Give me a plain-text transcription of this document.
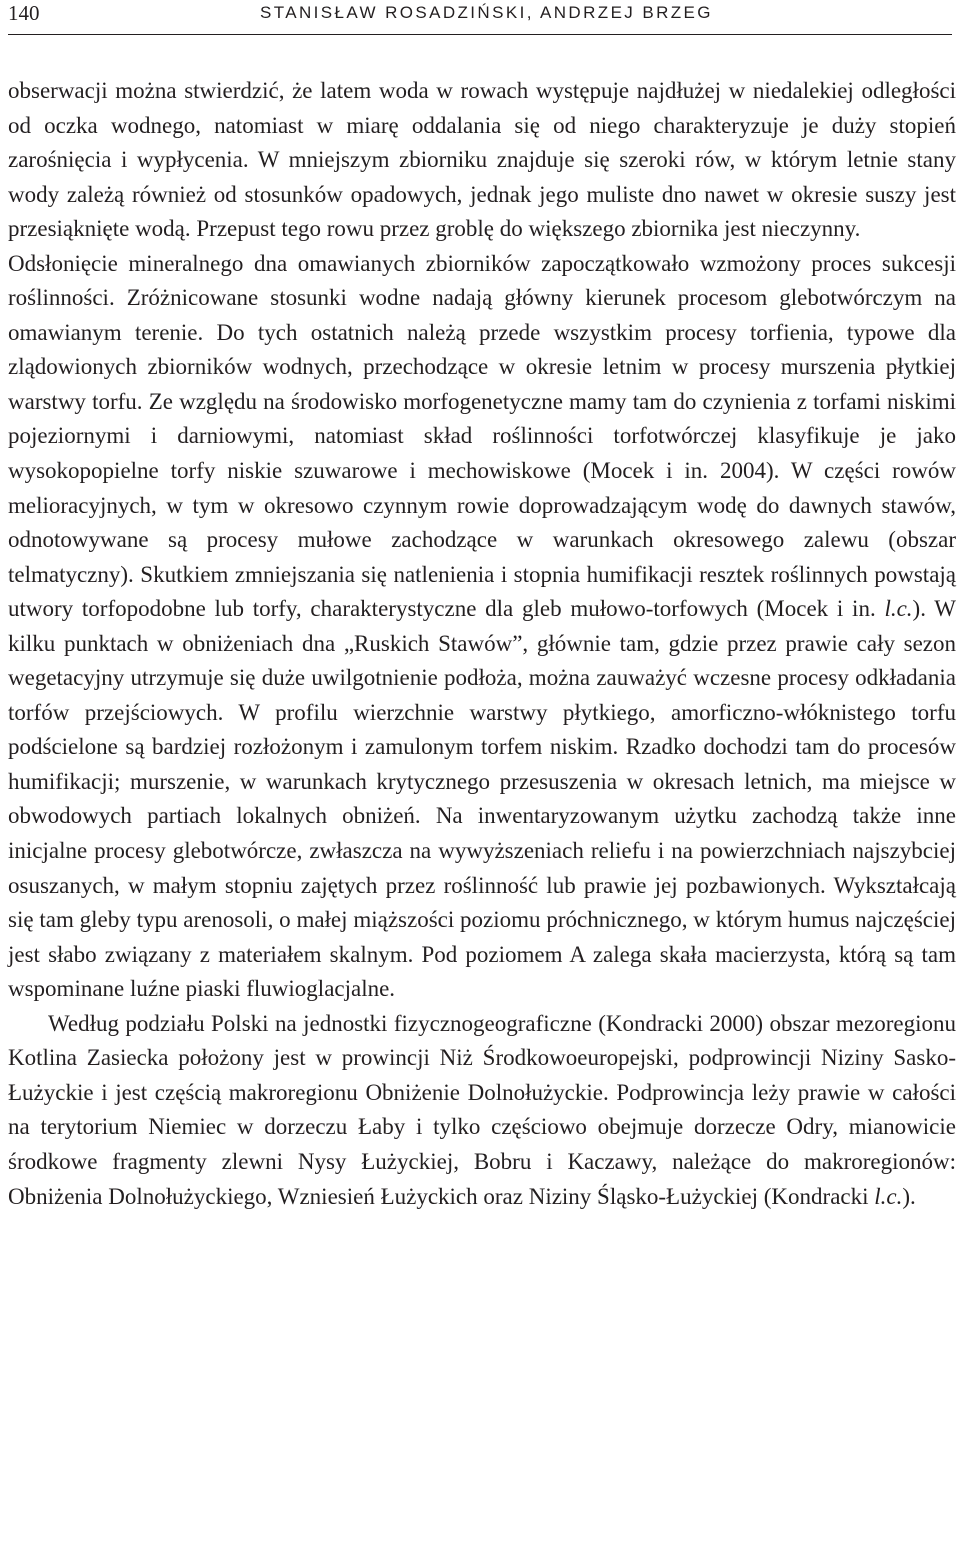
140	STANISŁAW ROSADZIŃSKI, ANDRZEJ BRZEG

obserwacji można stwierdzić, że latem woda w rowach występuje najdłużej w niedalekiej odległości od oczka wodnego, natomiast w miarę oddalania się od niego charakteryzuje je duży stopień zarośnięcia i wypłycenia. W mniejszym zbiorniku znajduje się szeroki rów, w którym letnie stany wody zależą również od stosunków opadowych, jednak jego muliste dno nawet w okresie suszy jest przesiąknięte wodą. Przepust tego rowu przez groblę do większego zbiornika jest nieczynny.

Odsłonięcie mineralnego dna omawianych zbiorników zapoczątkowało wzmożony proces sukcesji roślinności. Zróżnicowane stosunki wodne nadają główny kierunek procesom glebotwórczym na omawianym terenie. Do tych ostatnich należą przede wszystkim procesy torfienia, typowe dla zlądowionych zbiorników wodnych, przechodzące w okresie letnim w procesy murszenia płytkiej warstwy torfu. Ze względu na środowisko morfogenetyczne mamy tam do czynienia z torfami niskimi pojeziornymi i darniowymi, natomiast skład roślinności torfotwórczej klasyfikuje je jako wysokopopielne torfy niskie szuwarowe i mechowiskowe (Mocek i in. 2004). W części rowów melioracyjnych, w tym w okresowo czynnym rowie doprowadzającym wodę do dawnych stawów, odnotowywane są procesy mułowe zachodzące w warunkach okresowego zalewu (obszar telmatyczny). Skutkiem zmniejszania się natlenienia i stopnia humifikacji resztek roślinnych powstają utwory torfopodobne lub torfy, charakterystyczne dla gleb mułowo-torfowych (Mocek i in. l.c.). W kilku punktach w obniżeniach dna „Ruskich Stawów”, głównie tam, gdzie przez prawie cały sezon wegetacyjny utrzymuje się duże uwilgotnienie podłoża, można zauważyć wczesne procesy odkładania torfów przejściowych. W profilu wierzchnie warstwy płytkiego, amorficzno-włóknistego torfu podścielone są bardziej rozłożonym i zamulonym torfem niskim. Rzadko dochodzi tam do procesów humifikacji; murszenie, w warunkach krytycznego przesuszenia w okresach letnich, ma miejsce w obwodowych partiach lokalnych obniżeń. Na inwentaryzowanym użytku zachodzą także inne inicjalne procesy glebotwórcze, zwłaszcza na wywyższeniach reliefu i na powierzchniach najszybciej osuszanych, w małym stopniu zajętych przez roślinność lub prawie jej pozbawionych. Wykształcają się tam gleby typu arenosoli, o małej miąższości poziomu próchnicznego, w którym humus najczęściej jest słabo związany z materiałem skalnym. Pod poziomem A zalega skała macierzysta, którą są tam wspominane luźne piaski fluwioglacjalne.

Według podziału Polski na jednostki fizycznogeograficzne (Kondracki 2000) obszar mezoregionu Kotlina Zasiecka położony jest w prowincji Niż Środkowoeuropejski, podprowincji Niziny Sasko-Łużyckie i jest częścią makroregionu Obniżenie Dolnołużyckie. Podprowincja leży prawie w całości na terytorium Niemiec w dorzeczu Łaby i tylko częściowo obejmuje dorzecze Odry, mianowicie środkowe fragmenty zlewni Nysy Łużyckiej, Bobru i Kaczawy, należące do makroregionów: Obniżenia Dolnołużyckiego, Wzniesień Łużyckich oraz Niziny Śląsko-Łużyckiej (Kondracki l.c.).
